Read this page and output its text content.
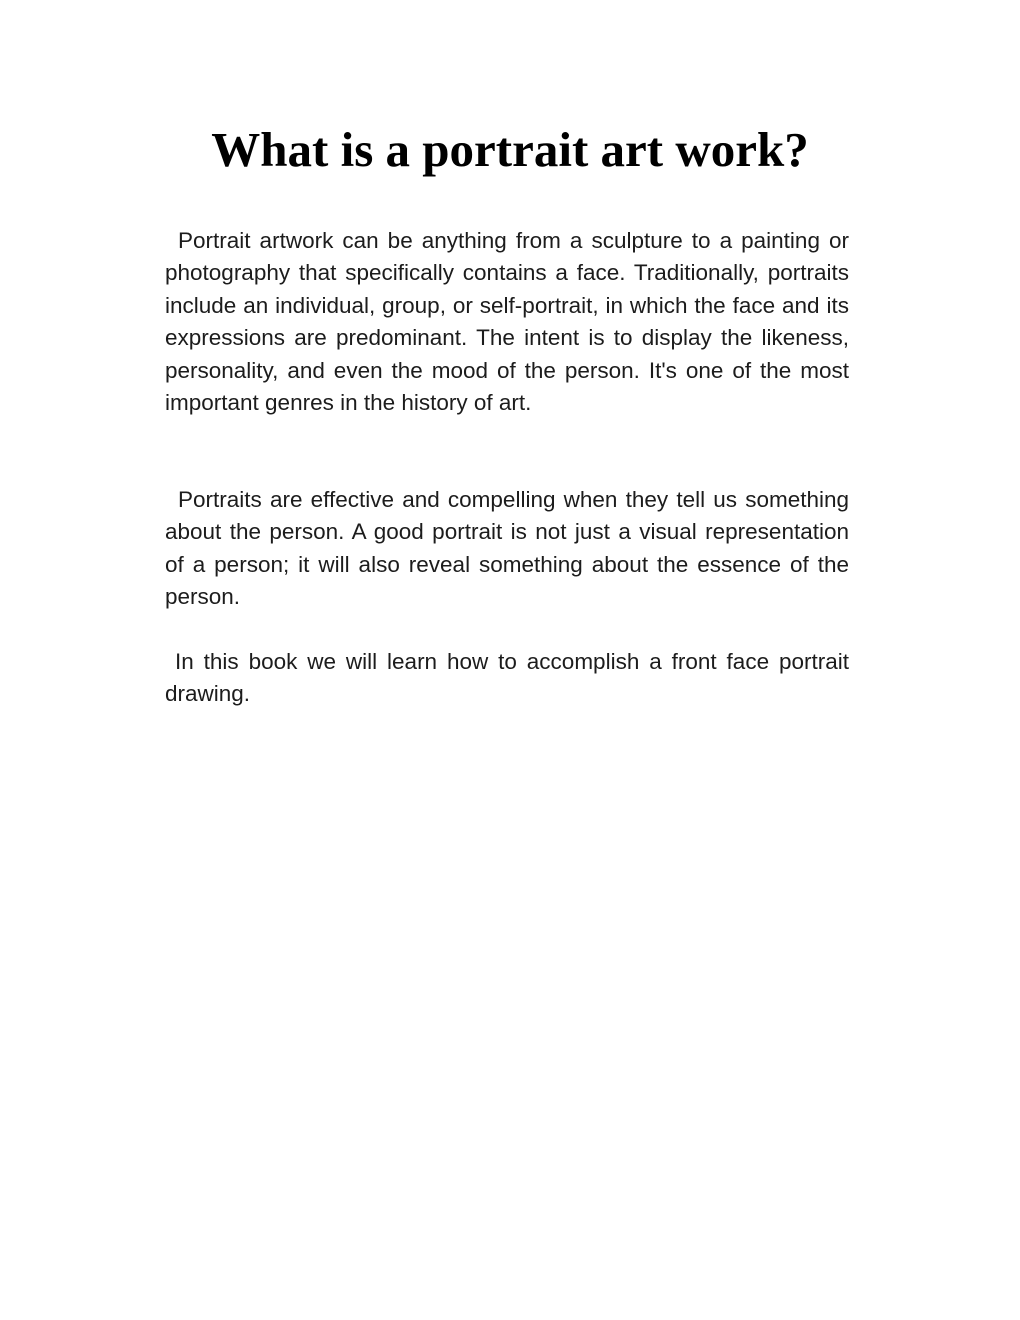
What is a portrait art work?

Portrait artwork can be anything from a sculpture to a painting or photography that specifically contains a face. Traditionally, portraits include an individual, group, or self-portrait, in which the face and its expressions are predominant. The intent is to display the likeness, personality, and even the mood of the person. It's one of the most important genres in the history of art.

Portraits are effective and compelling when they tell us something about the person. A good portrait is not just a visual representation of a person; it will also reveal something about the essence of the person.

In this book we will learn how to accomplish a front face portrait drawing.
